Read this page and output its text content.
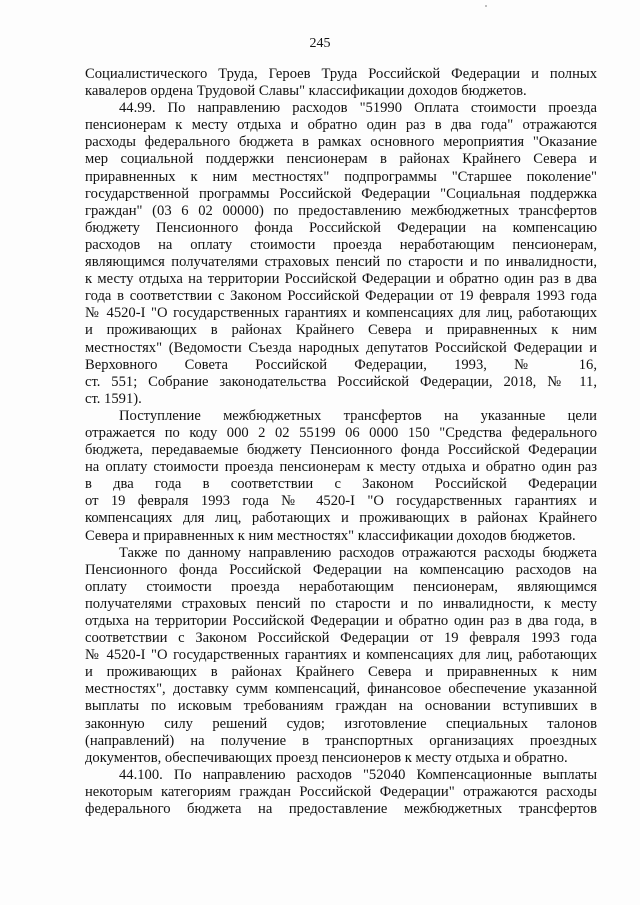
245
Социалистического Труда, Героев Труда Российской Федерации и полных
кавалеров ордена Трудовой Славы" классификации доходов бюджетов.
44.99. По направлению расходов "51990 Оплата стоимости проезда
пенсионерам к месту отдыха и обратно один раз в два года" отражаются
расходы федерального бюджета в рамках основного мероприятия "Оказание
мер социальной поддержки пенсионерам в районах Крайнего Севера и
приравненных к ним местностях" подпрограммы "Старшее поколение"
государственной программы Российской Федерации "Социальная поддержка
граждан" (03 6 02 00000) по предоставлению межбюджетных трансфертов
бюджету Пенсионного фонда Российской Федерации на компенсацию
расходов на оплату стоимости проезда неработающим пенсионерам,
являющимся получателями страховых пенсий по старости и по инвалидности,
к месту отдыха на территории Российской Федерации и обратно один раз в два
года в соответствии с Законом Российской Федерации от 19 февраля 1993 года
№ 4520-I "О государственных гарантиях и компенсациях для лиц, работающих
и проживающих в районах Крайнего Севера и приравненных к ним
местностях" (Ведомости Съезда народных депутатов Российской Федерации и
Верховного Совета Российской Федерации, 1993, № 16,
ст. 551; Собрание законодательства Российской Федерации, 2018, № 11,
ст. 1591).
Поступление межбюджетных трансфертов на указанные цели
отражается по коду 000 2 02 55199 06 0000 150 "Средства федерального
бюджета, передаваемые бюджету Пенсионного фонда Российской Федерации
на оплату стоимости проезда пенсионерам к месту отдыха и обратно один раз
в два года в соответствии с Законом Российской Федерации
от 19 февраля 1993 года № 4520-I "О государственных гарантиях и
компенсациях для лиц, работающих и проживающих в районах Крайнего
Севера и приравненных к ним местностях" классификации доходов бюджетов.
Также по данному направлению расходов отражаются расходы бюджета
Пенсионного фонда Российской Федерации на компенсацию расходов на
оплату стоимости проезда неработающим пенсионерам, являющимся
получателями страховых пенсий по старости и по инвалидности, к месту
отдыха на территории Российской Федерации и обратно один раз в два года, в
соответствии с Законом Российской Федерации от 19 февраля 1993 года
№ 4520-I "О государственных гарантиях и компенсациях для лиц, работающих
и проживающих в районах Крайнего Севера и приравненных к ним
местностях", доставку сумм компенсаций, финансовое обеспечение указанной
выплаты по исковым требованиям граждан на основании вступивших в
законную силу решений судов; изготовление специальных талонов
(направлений) на получение в транспортных организациях проездных
документов, обеспечивающих проезд пенсионеров к месту отдыха и обратно.
44.100. По направлению расходов "52040 Компенсационные выплаты
некоторым категориям граждан Российской Федерации" отражаются расходы
федерального бюджета на предоставление межбюджетных трансфертов
